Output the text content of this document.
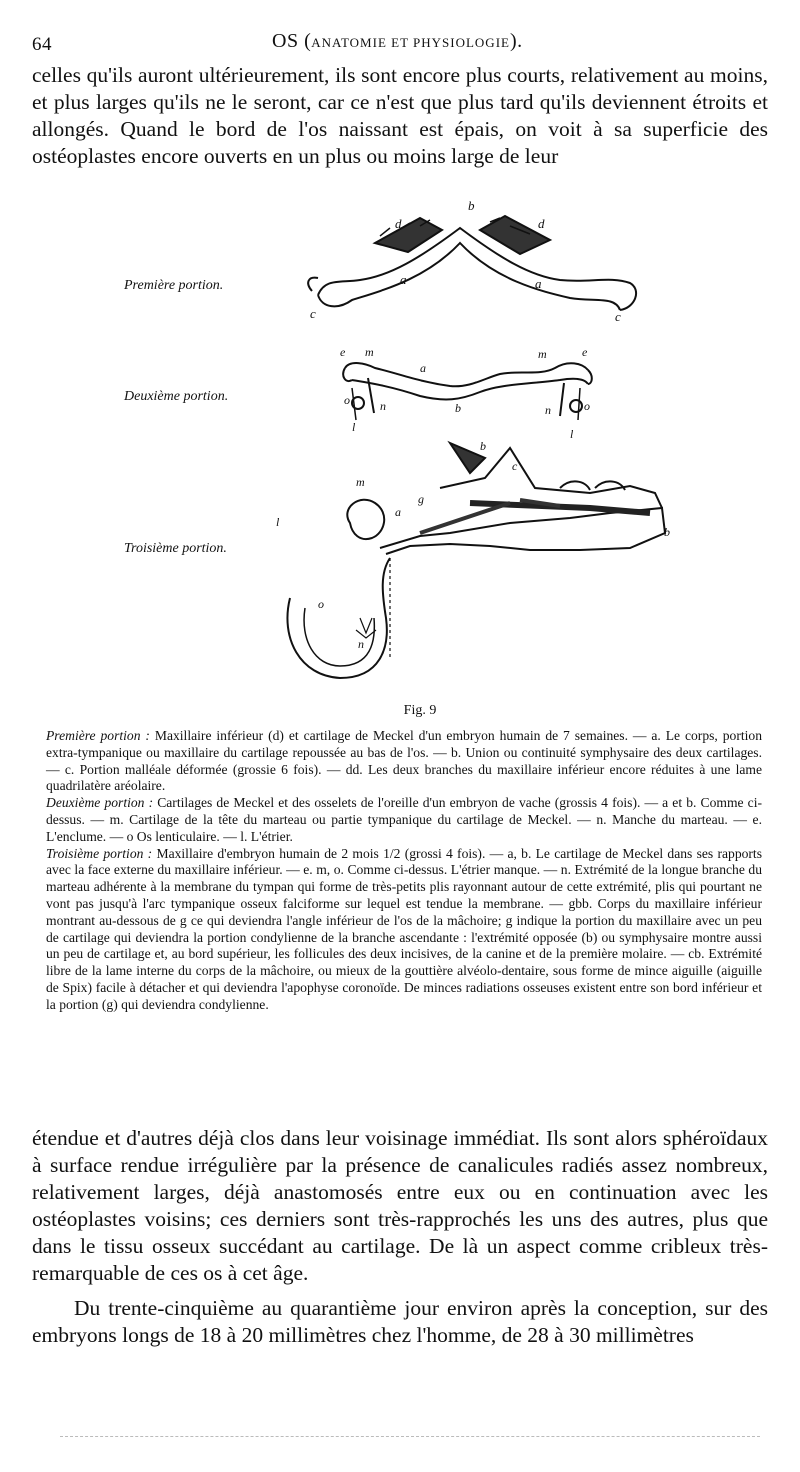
64	OS (ANATOMIE ET PHYSIOLOGIE).

celles qu'ils auront ultérieurement, ils sont encore plus courts, relativement au moins, et plus larges qu'ils ne le seront, car ce n'est que plus tard qu'ils deviennent étroits et allongés. Quand le bord de l'os naissant est épais, on voit à sa superficie des ostéoplastes encore ouverts en un plus ou moins large de leur

Première portion.
Deuxième portion.
Troisième portion.
b
d	d
a	a
c	c
e m
a
m	e
o	n	b	n	o
l	l
b
c
m
a
g
l
o
n
b
Fig. 9

Première portion : Maxillaire inférieur (d) et cartilage de Meckel d'un embryon humain de 7 semaines. — a. Le corps, portion extra-tympanique ou maxillaire du cartilage repoussée au bas de l'os. — b. Union ou continuité symphysaire des deux cartilages. — c. Portion malléale déformée (grossie 6 fois). — dd. Les deux branches du maxillaire inférieur encore réduites à une lame quadrilatère aréolaire.

Deuxième portion : Cartilages de Meckel et des osselets de l'oreille d'un embryon de vache (grossis 4 fois). — a et b. Comme ci-dessus. — m. Cartilage de la tête du marteau ou partie tympanique du cartilage de Meckel. — n. Manche du marteau. — e. L'enclume. — o Os lenticulaire. — l. L'étrier.

Troisième portion : Maxillaire d'embryon humain de 2 mois 1/2 (grossi 4 fois). — a, b. Le cartilage de Meckel dans ses rapports avec la face externe du maxillaire inférieur. — e. m, o. Comme ci-dessus. L'étrier manque. — n. Extrémité de la longue branche du marteau adhérente à la membrane du tympan qui forme de très-petits plis rayonnant autour de cette extrémité, plis qui pourtant ne vont pas jusqu'à l'arc tympanique osseux falciforme sur lequel est tendue la membrane. — gbb. Corps du maxillaire inférieur montrant au-dessous de g ce qui deviendra l'angle inférieur de l'os de la mâchoire; g indique la portion du maxillaire avec un peu de cartilage qui deviendra la portion condylienne de la branche ascendante : l'extrémité opposée (b) ou symphysaire montre aussi un peu de cartilage et, au bord supérieur, les follicules des deux incisives, de la canine et de la première molaire. — cb. Extrémité libre de la lame interne du corps de la mâchoire, ou mieux de la gouttière alvéolo-dentaire, sous forme de mince aiguille (aiguille de Spix) facile à détacher et qui deviendra l'apophyse coronoïde. De minces radiations osseuses existent entre son bord inférieur et la portion (g) qui deviendra condylienne.

étendue et d'autres déjà clos dans leur voisinage immédiat. Ils sont alors sphéroïdaux à surface rendue irrégulière par la présence de canalicules radiés assez nombreux, relativement larges, déjà anastomosés entre eux ou en continuation avec les ostéoplastes voisins; ces derniers sont très-rapprochés les uns des autres, plus que dans le tissu osseux succédant au cartilage. De là un aspect comme cribleux très-remarquable de ces os à cet âge.

Du trente-cinquième au quarantième jour environ après la conception, sur des embryons longs de 18 à 20 millimètres chez l'homme, de 28 à 30 millimètres
